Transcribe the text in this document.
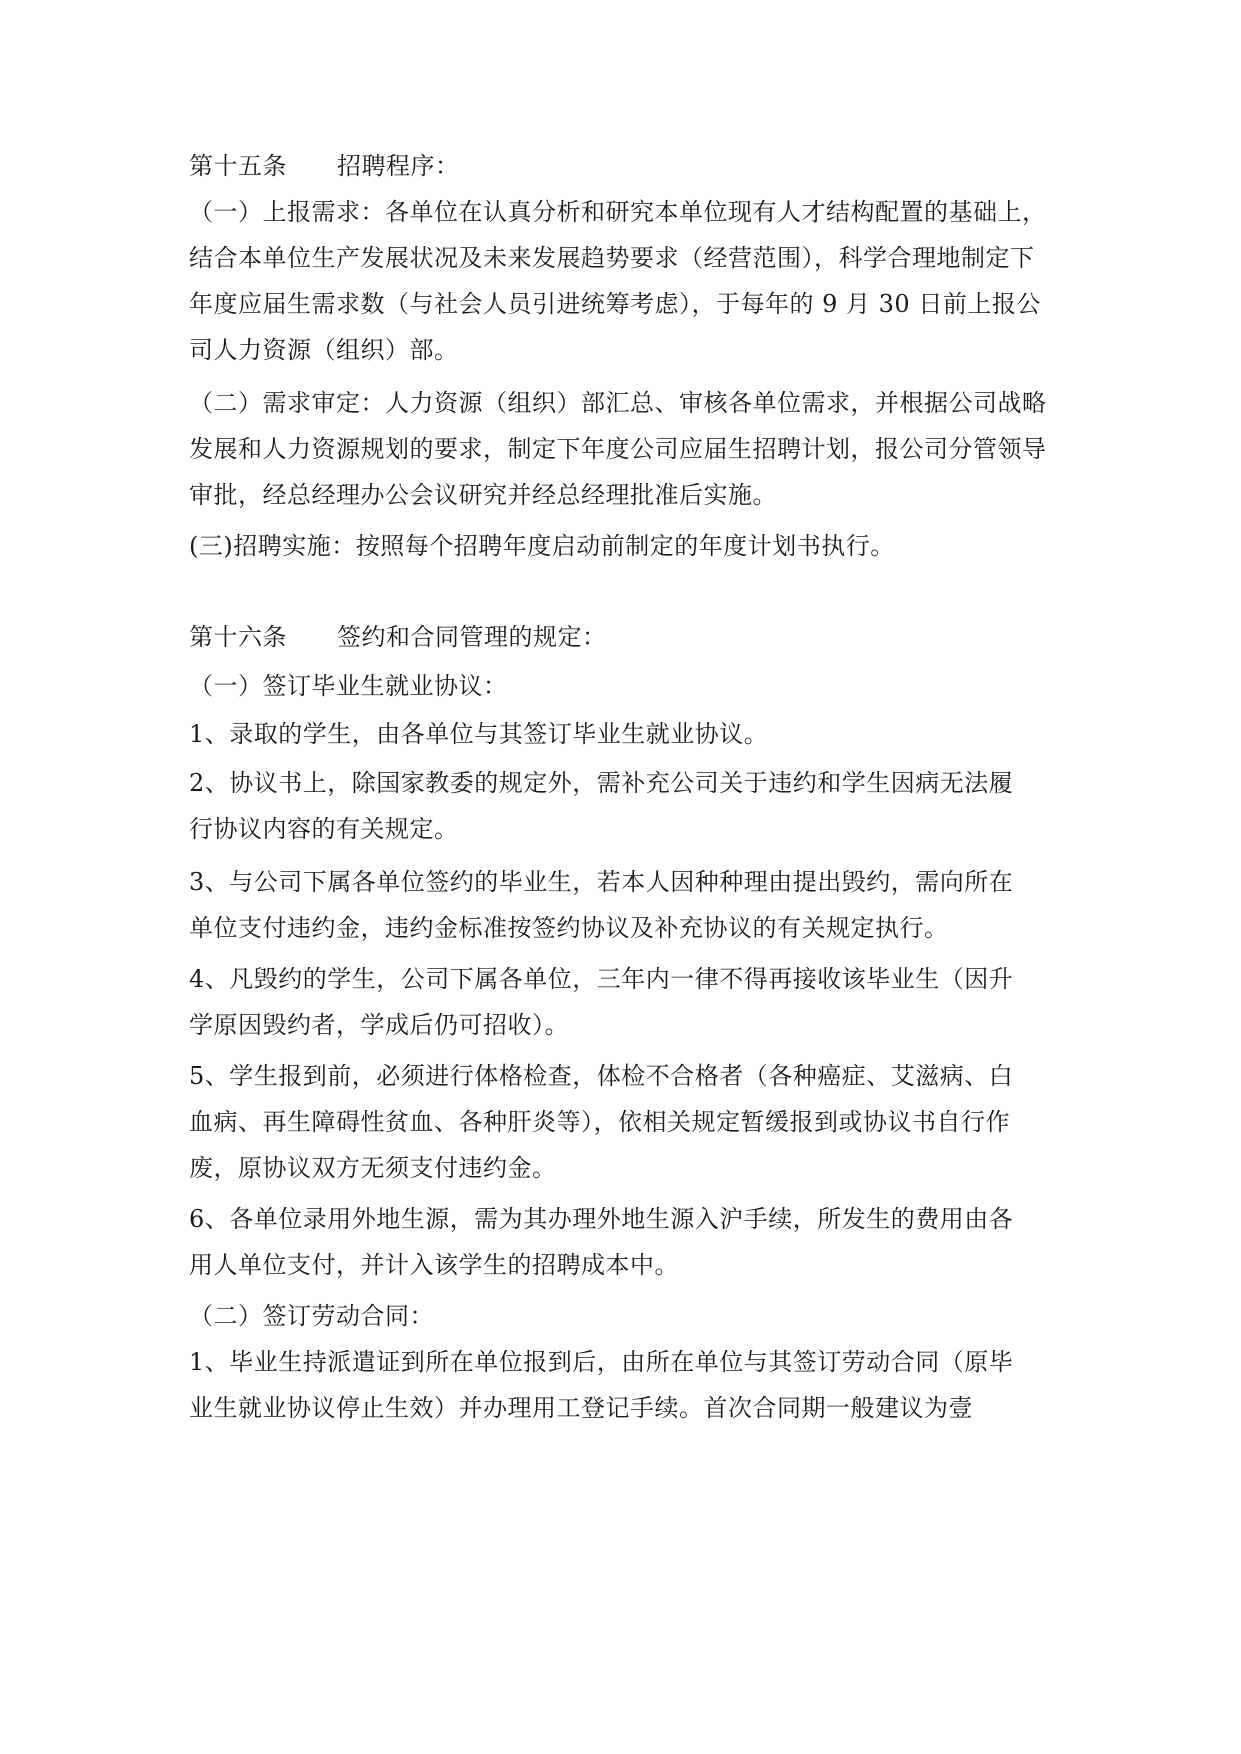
第十五条 招聘程序：
（一）上报需求：各单位在认真分析和研究本单位现有人才结构配置的基础上，
结合本单位生产发展状况及未来发展趋势要求（经营范围），科学合理地制定下
年度应届生需求数（与社会人员引进统筹考虑），于每年的 9 月 30 日前上报公
司人力资源（组织）部。
（二）需求审定：人力资源（组织）部汇总、审核各单位需求，并根据公司战略
发展和人力资源规划的要求，制定下年度公司应届生招聘计划，报公司分管领导
审批，经总经理办公会议研究并经总经理批准后实施。
(三)招聘实施：按照每个招聘年度启动前制定的年度计划书执行。
第十六条 签约和合同管理的规定：
（一）签订毕业生就业协议：
1、录取的学生，由各单位与其签订毕业生就业协议。
2、协议书上，除国家教委的规定外，需补充公司关于违约和学生因病无法履
行协议内容的有关规定。
3、与公司下属各单位签约的毕业生，若本人因种种理由提出毁约，需向所在
单位支付违约金，违约金标准按签约协议及补充协议的有关规定执行。
4、凡毁约的学生，公司下属各单位，三年内一律不得再接收该毕业生（因升
学原因毁约者，学成后仍可招收）。
5、学生报到前，必须进行体格检查，体检不合格者（各种癌症、艾滋病、白
血病、再生障碍性贫血、各种肝炎等），依相关规定暂缓报到或协议书自行作
废，原协议双方无须支付违约金。
6、各单位录用外地生源，需为其办理外地生源入沪手续，所发生的费用由各
用人单位支付，并计入该学生的招聘成本中。
（二）签订劳动合同：
1、毕业生持派遣证到所在单位报到后，由所在单位与其签订劳动合同（原毕
业生就业协议停止生效）并办理用工登记手续。首次合同期一般建议为壹
